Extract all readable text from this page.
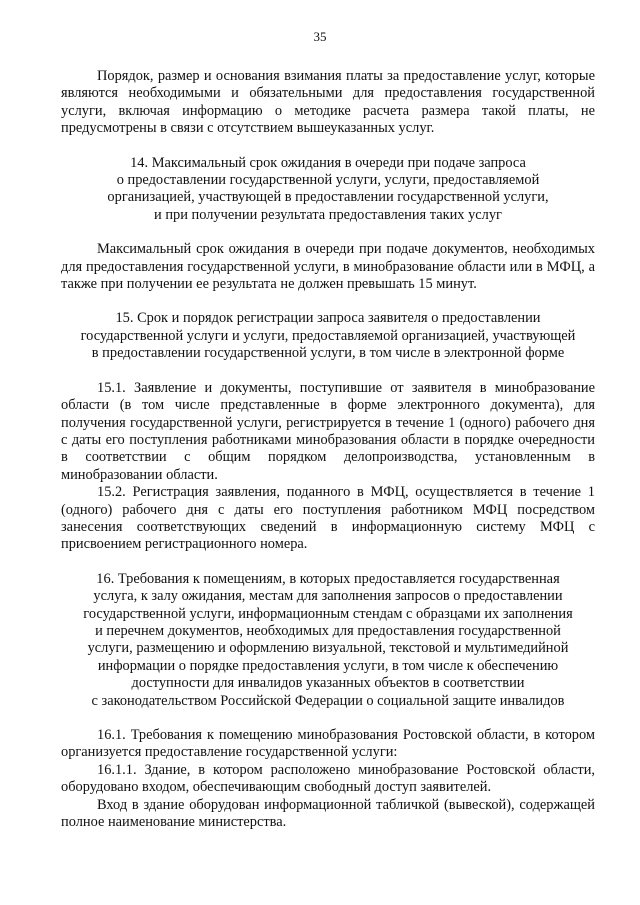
35

Порядок, размер и основания взимания платы за предоставление услуг, которые являются необходимыми и обязательными для предоставления государственной услуги, включая информацию о методике расчета размера такой платы, не предусмотрены в связи с отсутствием вышеуказанных услуг.

14. Максимальный срок ожидания в очереди при подаче запроса
о предоставлении государственной услуги, услуги, предоставляемой
организацией, участвующей в предоставлении государственной услуги,
и при получении результата предоставления таких услуг

Максимальный срок ожидания в очереди при подаче документов, необходимых для предоставления государственной услуги, в минобразование области или в МФЦ, а также при получении ее результата не должен превышать 15 минут.

15. Срок и порядок регистрации запроса заявителя о предоставлении
государственной услуги и услуги, предоставляемой организацией, участвующей
в предоставлении государственной услуги, в том числе в электронной форме

15.1. Заявление и документы, поступившие от заявителя в минобразование области (в том числе представленные в форме электронного документа), для получения государственной услуги, регистрируется в течение 1 (одного) рабочего дня с даты его поступления работниками минобразования области в порядке очередности в соответствии с общим порядком делопроизводства, установленным в минобразовании области.

15.2. Регистрация заявления, поданного в МФЦ, осуществляется в течение 1 (одного) рабочего дня с даты его поступления работником МФЦ посредством занесения соответствующих сведений в информационную систему МФЦ с присвоением регистрационного номера.

16. Требования к помещениям, в которых предоставляется государственная
услуга, к залу ожидания, местам для заполнения запросов о предоставлении
государственной услуги, информационным стендам с образцами их заполнения
и перечнем документов, необходимых для предоставления государственной
услуги, размещению и оформлению визуальной, текстовой и мультимедийной
информации о порядке предоставления услуги, в том числе к обеспечению
доступности для инвалидов указанных объектов в соответствии
с законодательством Российской Федерации о социальной защите инвалидов

16.1. Требования к помещению минобразования Ростовской области, в котором организуется предоставление государственной услуги:

16.1.1. Здание, в котором расположено минобразование Ростовской области, оборудовано входом, обеспечивающим свободный доступ заявителей.

Вход в здание оборудован информационной табличкой (вывеской), содержащей полное наименование министерства.
